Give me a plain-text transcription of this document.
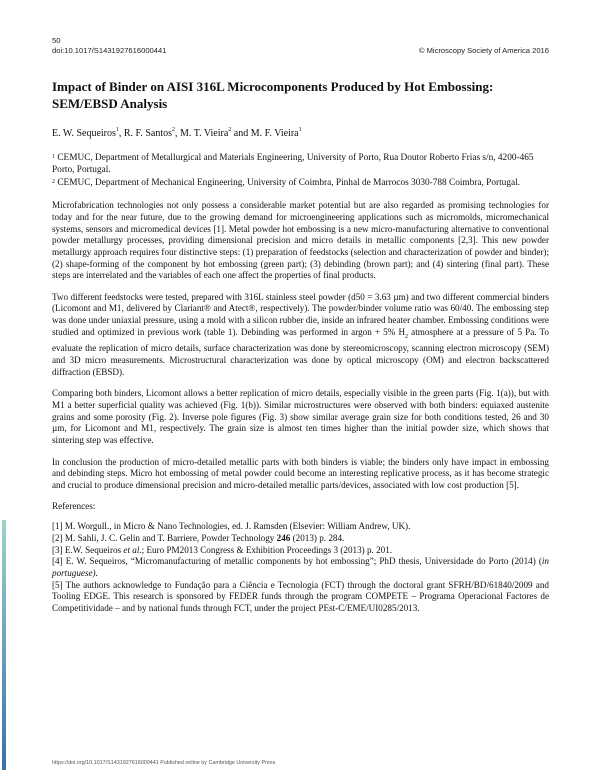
50
doi:10.1017/S1431927616000441	© Microscopy Society of America 2016
Impact of Binder on AISI 316L Microcomponents Produced by Hot Embossing: SEM/EBSD Analysis
E. W. Sequeiros$^1$, R. F. Santos$^2$, M. T. Vieira$^2$ and M. F. Vieira$^1$
$^1$ CEMUC, Department of Metallurgical and Materials Engineering, University of Porto, Rua Doutor Roberto Frias s/n, 4200-465 Porto, Portugal.
$^2$ CEMUC, Department of Mechanical Engineering, University of Coimbra, Pinhal de Marrocos 3030-788 Coimbra, Portugal.
Microfabrication technologies not only possess a considerable market potential but are also regarded as promising technologies for today and for the near future, due to the growing demand for microengineering applications such as micromolds, micromechanical systems, sensors and micromedical devices [1]. Metal powder hot embossing is a new micro-manufacturing alternative to conventional powder metallurgy processes, providing dimensional precision and micro details in metallic components [2,3]. This new powder metallurgy approach requires four distinctive steps: (1) preparation of feedstocks (selection and characterization of powder and binder); (2) shape-forming of the component by hot embossing (green part); (3) debinding (brown part); and (4) sintering (final part). These steps are interrelated and the variables of each one affect the properties of final products.
Two different feedstocks were tested, prepared with 316L stainless steel powder (d50 = 3.63 µm) and two different commercial binders (Licomont and M1, delivered by Clariant® and Atect®, respectively). The powder/binder volume ratio was 60/40. The embossing step was done under uniaxial pressure, using a mold with a silicon rubber die, inside an infrared heater chamber. Embossing conditions were studied and optimized in previous work (table 1). Debinding was performed in argon + 5% $H_2$ atmosphere at a pressure of 5 Pa. To evaluate the replication of micro details, surface characterization was done by stereomicroscopy, scanning electron microscopy (SEM) and 3D micro measurements. Microstructural characterization was done by optical microscopy (OM) and electron backscattered diffraction (EBSD).
Comparing both binders, Licomont allows a better replication of micro details, especially visible in the green parts (Fig. 1(a)), but with M1 a better superficial quality was achieved (Fig. 1(b)). Similar microstructures were observed with both binders: equiaxed austenite grains and some porosity (Fig. 2). Inverse pole figures (Fig. 3) show similar average grain size for both conditions tested, 26 and 30 µm, for Licomont and M1, respectively. The grain size is almost ten times higher than the initial powder size, which shows that sintering step was effective.
In conclusion the production of micro-detailed metallic parts with both binders is viable; the binders only have impact in embossing and debinding steps. Micro hot embossing of metal powder could become an interesting replicative process, as it has become strategic and crucial to produce dimensional precision and micro-detailed metallic parts/devices, associated with low cost production [5].
References:
[1] M. Worgull., in Micro & Nano Technologies, ed. J. Ramsden (Elsevier: William Andrew, UK).
[2] M. Sahli, J. C. Gelin and T. Barriere, Powder Technology 246 (2013) p. 284.
[3] E.W. Sequeiros et al.; Euro PM2013 Congress & Exhibition Proceedings 3 (2013) p. 201.
[4] E. W. Sequeiros, “Micromanufacturing of metallic components by hot embossing”; PhD thesis, Universidade do Porto (2014) (in portuguese).
[5] The authors acknowledge to Fundação para a Ciência e Tecnologia (FCT) through the doctoral grant SFRH/BD/61840/2009 and Tooling EDGE. This research is sponsored by FEDER funds through the program COMPETE – Programa Operacional Factores de Competitividade – and by national funds through FCT, under the project PEst-C/EME/UI0285/2013.
https://doi.org/10.1017/S1431927616000441 Published online by Cambridge University Press
